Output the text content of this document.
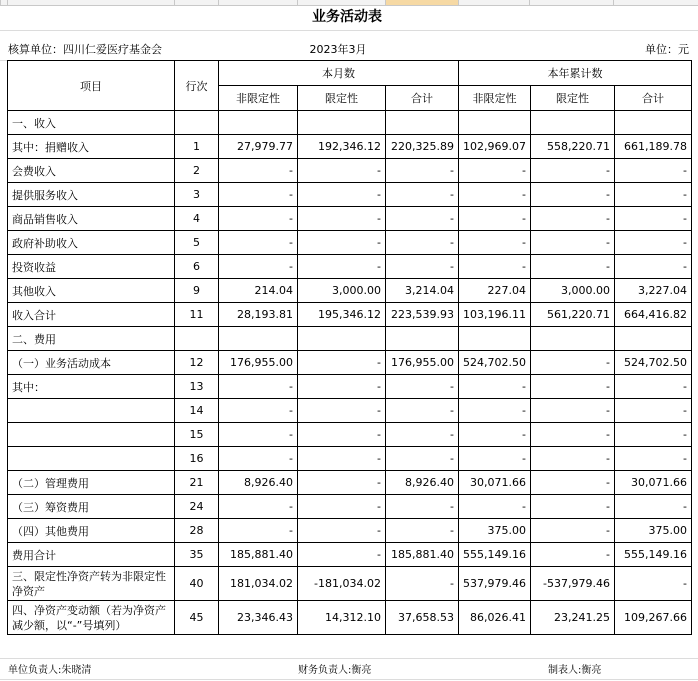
业务活动表
核算单位：四川仁爱医疗基金会	2023年3月	单位：元
项目	行次	本月数			本年累计数		
		非限定性	限定性	合计	非限定性	限定性	合计
一、收入							
其中：捐赠收入	1	27,979.77	192,346.12	220,325.89	102,969.07	558,220.71	661,189.78
会费收入	2	-	-	-	-	-	-
提供服务收入	3	-	-	-	-	-	-
商品销售收入	4	-	-	-	-	-	-
政府补助收入	5	-	-	-	-	-	-
投资收益	6	-	-	-	-	-	-
其他收入	9	214.04	3,000.00	3,214.04	227.04	3,000.00	3,227.04
收入合计	11	28,193.81	195,346.12	223,539.93	103,196.11	561,220.71	664,416.82
二、费用							
（一）业务活动成本	12	176,955.00	-	176,955.00	524,702.50	-	524,702.50
其中：	13	-	-	-	-	-	-
	14	-	-	-	-	-	-
	15	-	-	-	-	-	-
	16	-	-	-	-	-	-
（二）管理费用	21	8,926.40	-	8,926.40	30,071.66	-	30,071.66
（三）筹资费用	24	-	-	-	-	-	-
（四）其他费用	28	-	-	-	375.00	-	375.00
费用合计	35	185,881.40	-	185,881.40	555,149.16	-	555,149.16
三、限定性净资产转为非限定性净资产	40	181,034.02	-181,034.02	-	537,979.46	-537,979.46	-
四、净资产变动额（若为净资产减少额，以“-”号填列）	45	23,346.43	14,312.10	37,658.53	86,026.41	23,241.25	109,267.66
单位负责人:朱晓清	财务负责人:衡亮	制表人:衡亮
